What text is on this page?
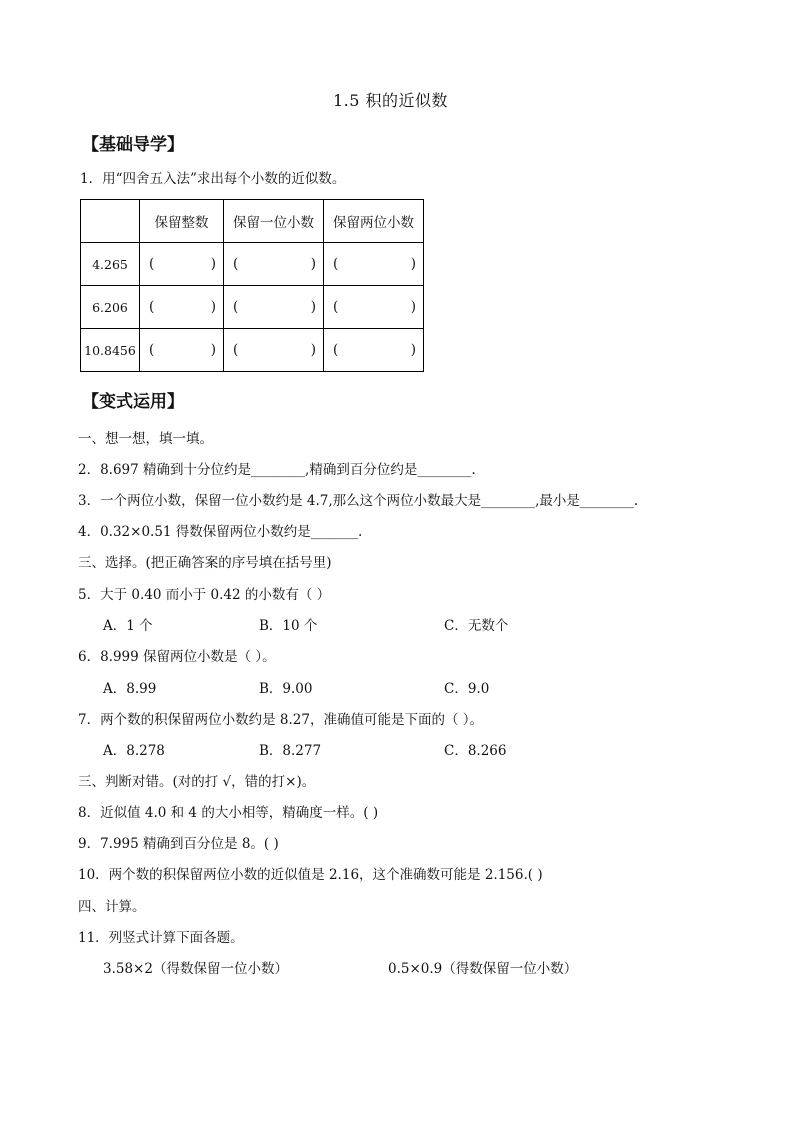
1.5 积的近似数
【基础导学】
1．用“四舍五入法”求出每个小数的近似数。
	保留整数	保留一位小数	保留两位小数
4.265	( )	( )	( )

6.206	( )	( )	( )

10.8456	( )	( )	( )
【变式运用】
一、想一想，填一填。
2．8.697 精确到十分位约是________,精确到百分位约是________.
3．一个两位小数，保留一位小数约是 4.7,那么这个两位小数最大是________,最小是________.
4．0.32×0.51 得数保留两位小数约是_______.
三、选择。(把正确答案的序号填在括号里)
5．大于 0.40 而小于 0.42 的小数有（ ）
A．1 个	B．10 个	C．无数个
6．8.999 保留两位小数是（ ）。
A．8.99	B．9.00	C．9.0
7．两个数的积保留两位小数约是 8.27，准确值可能是下面的（ ）。
A．8.278	B．8.277	C．8.266
三、判断对错。(对的打 √，错的打×)。
8．近似值 4.0 和 4 的大小相等，精确度一样。( )
9．7.995 精确到百分位是 8。( )
10．两个数的积保留两位小数的近似值是 2.16，这个准确数可能是 2.156.( )
四、计算。
11．列竖式计算下面各题。
3.58×2（得数保留一位小数）	0.5×0.9（得数保留一位小数）
